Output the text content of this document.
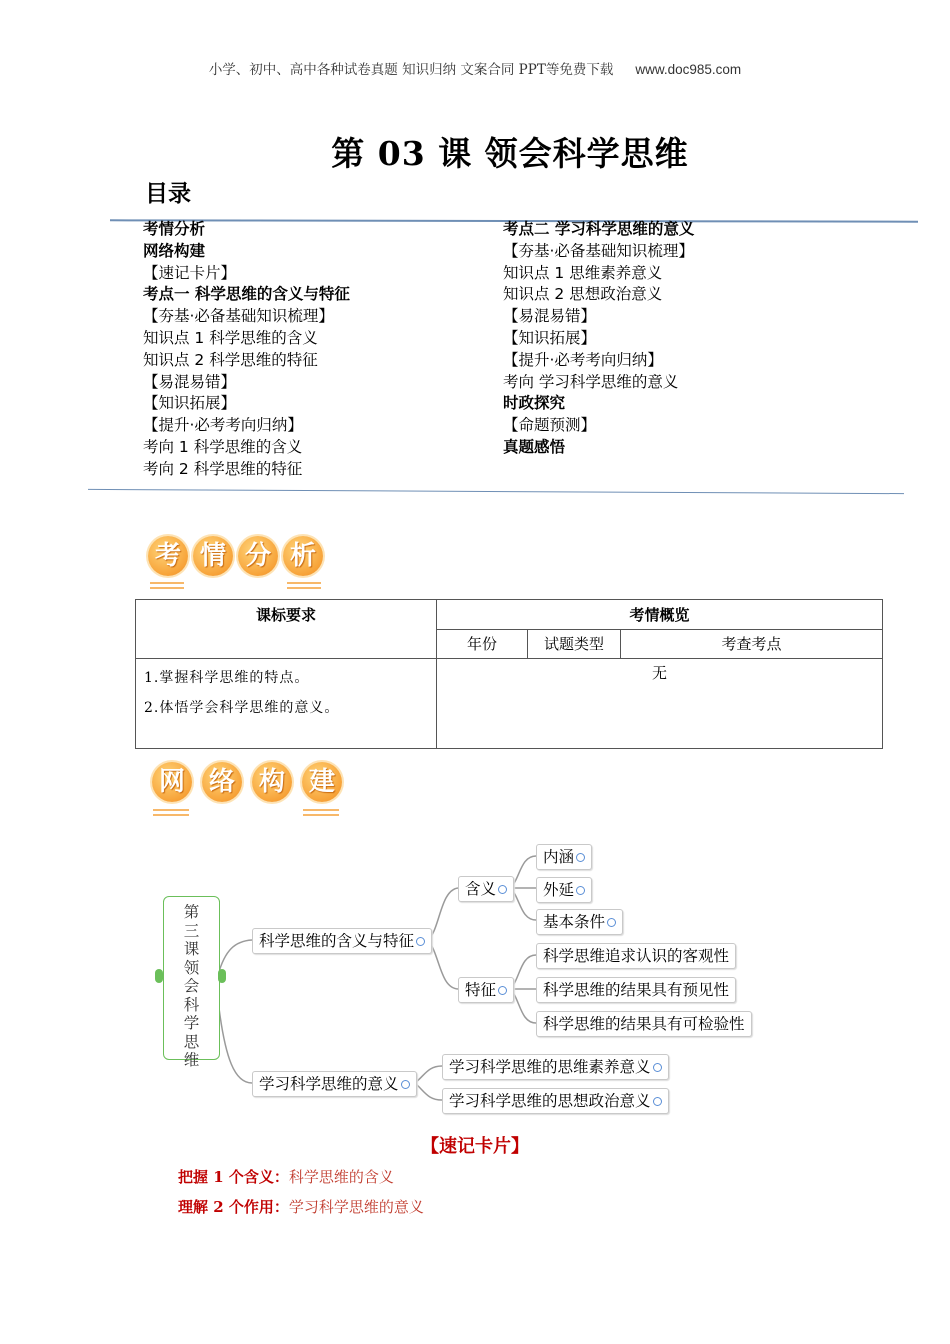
小学、初中、高中各种试卷真题 知识归纳 文案合同 PPT等免费下载 www.doc985.com
第 03 课 领会科学思维
目录
考情分析
网络构建
【速记卡片】
考点一 科学思维的含义与特征
【夯基·必备基础知识梳理】
知识点 1 科学思维的含义
知识点 2 科学思维的特征
【易混易错】
【知识拓展】
【提升·必考考向归纳】
考向 1 科学思维的含义
考向 2 科学思维的特征
考点二 学习科学思维的意义
【夯基·必备基础知识梳理】
知识点 1 思维素养意义
知识点 2 思想政治意义
【易混易错】
【知识拓展】
【提升·必考考向归纳】
考向 学习科学思维的意义
时政探究
【命题预测】
真题感悟
考 情 分 析
课标要求	考情概览		
	年份	试题类型	考查考点

1.掌握科学思维的特点。
2.体悟学会科学思维的意义。	无		
网 络 构 建
第三课 领会科学思维
科学思维的含义与特征
含义
内涵
外延
基本条件
特征
科学思维追求认识的客观性
科学思维的结果具有预见性
科学思维的结果具有可检验性
学习科学思维的意义
学习科学思维的思维素养意义
学习科学思维的思想政治意义
【速记卡片】
把握 1 个含义：科学思维的含义
理解 2 个作用：学习科学思维的意义
